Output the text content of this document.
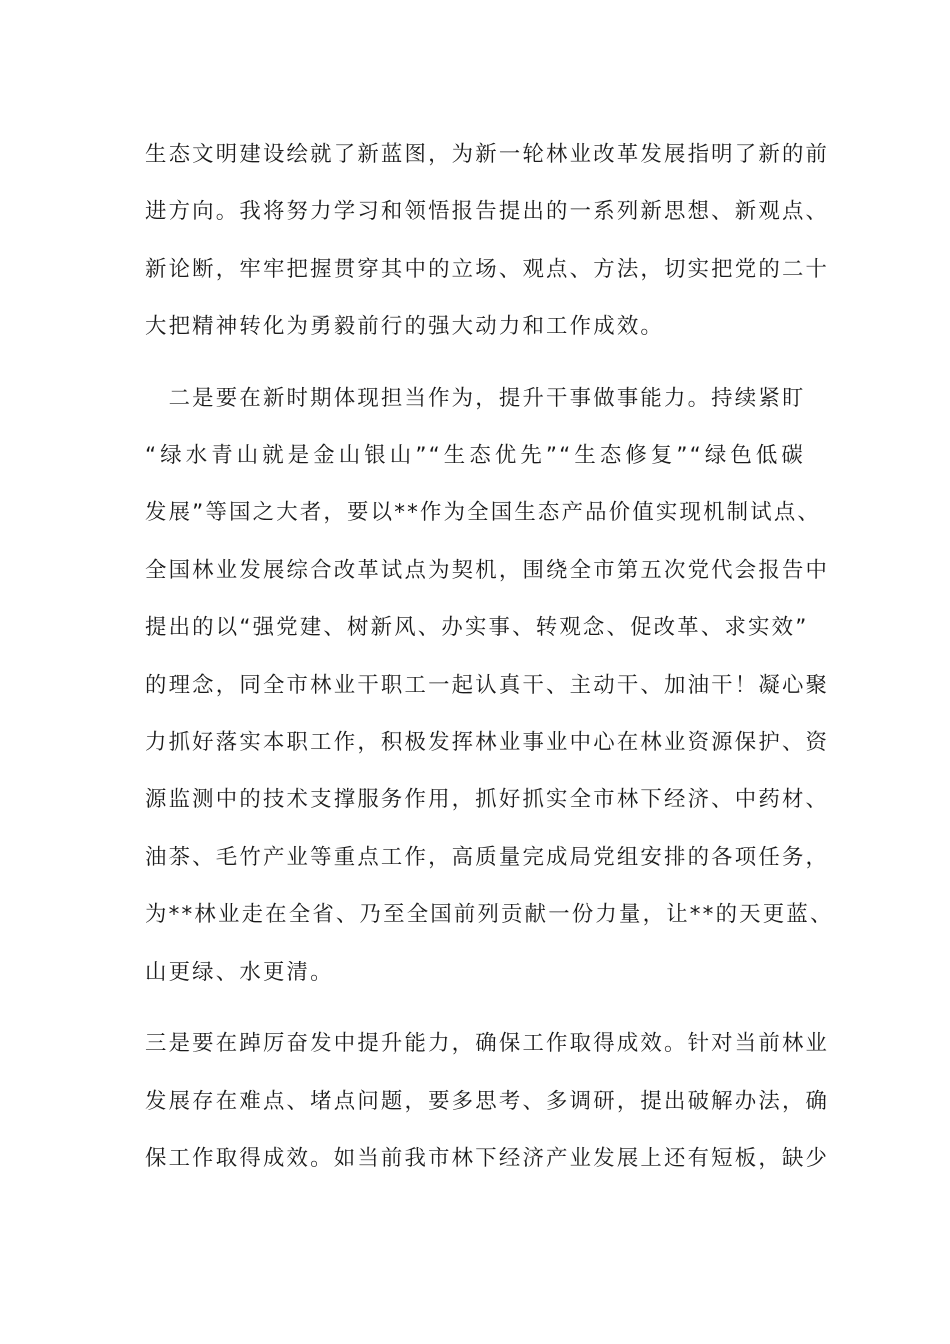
生态文明建设绘就了新蓝图，为新一轮林业改革发展指明了新的前
进方向。我将努力学习和领悟报告提出的一系列新思想、新观点、
新论断，牢牢把握贯穿其中的立场、观点、方法，切实把党的二十
大把精神转化为勇毅前行的强大动力和工作成效。

　二是要在新时期体现担当作为，提升干事做事能力。持续紧盯
“绿水青山就是金山银山”“生态优先”“生态修复”“绿色低碳
发展”等国之大者，要以**作为全国生态产品价值实现机制试点、
全国林业发展综合改革试点为契机，围绕全市第五次党代会报告中
提出的以“强党建、树新风、办实事、转观念、促改革、求实效”
的理念，同全市林业干职工一起认真干、主动干、加油干！凝心聚
力抓好落实本职工作，积极发挥林业事业中心在林业资源保护、资
源监测中的技术支撑服务作用，抓好抓实全市林下经济、中药材、
油茶、毛竹产业等重点工作，高质量完成局党组安排的各项任务，
为**林业走在全省、乃至全国前列贡献一份力量，让**的天更蓝、
山更绿、水更清。

三是要在踔厉奋发中提升能力，确保工作取得成效。针对当前林业
发展存在难点、堵点问题，要多思考、多调研，提出破解办法，确
保工作取得成效。如当前我市林下经济产业发展上还有短板，缺少
